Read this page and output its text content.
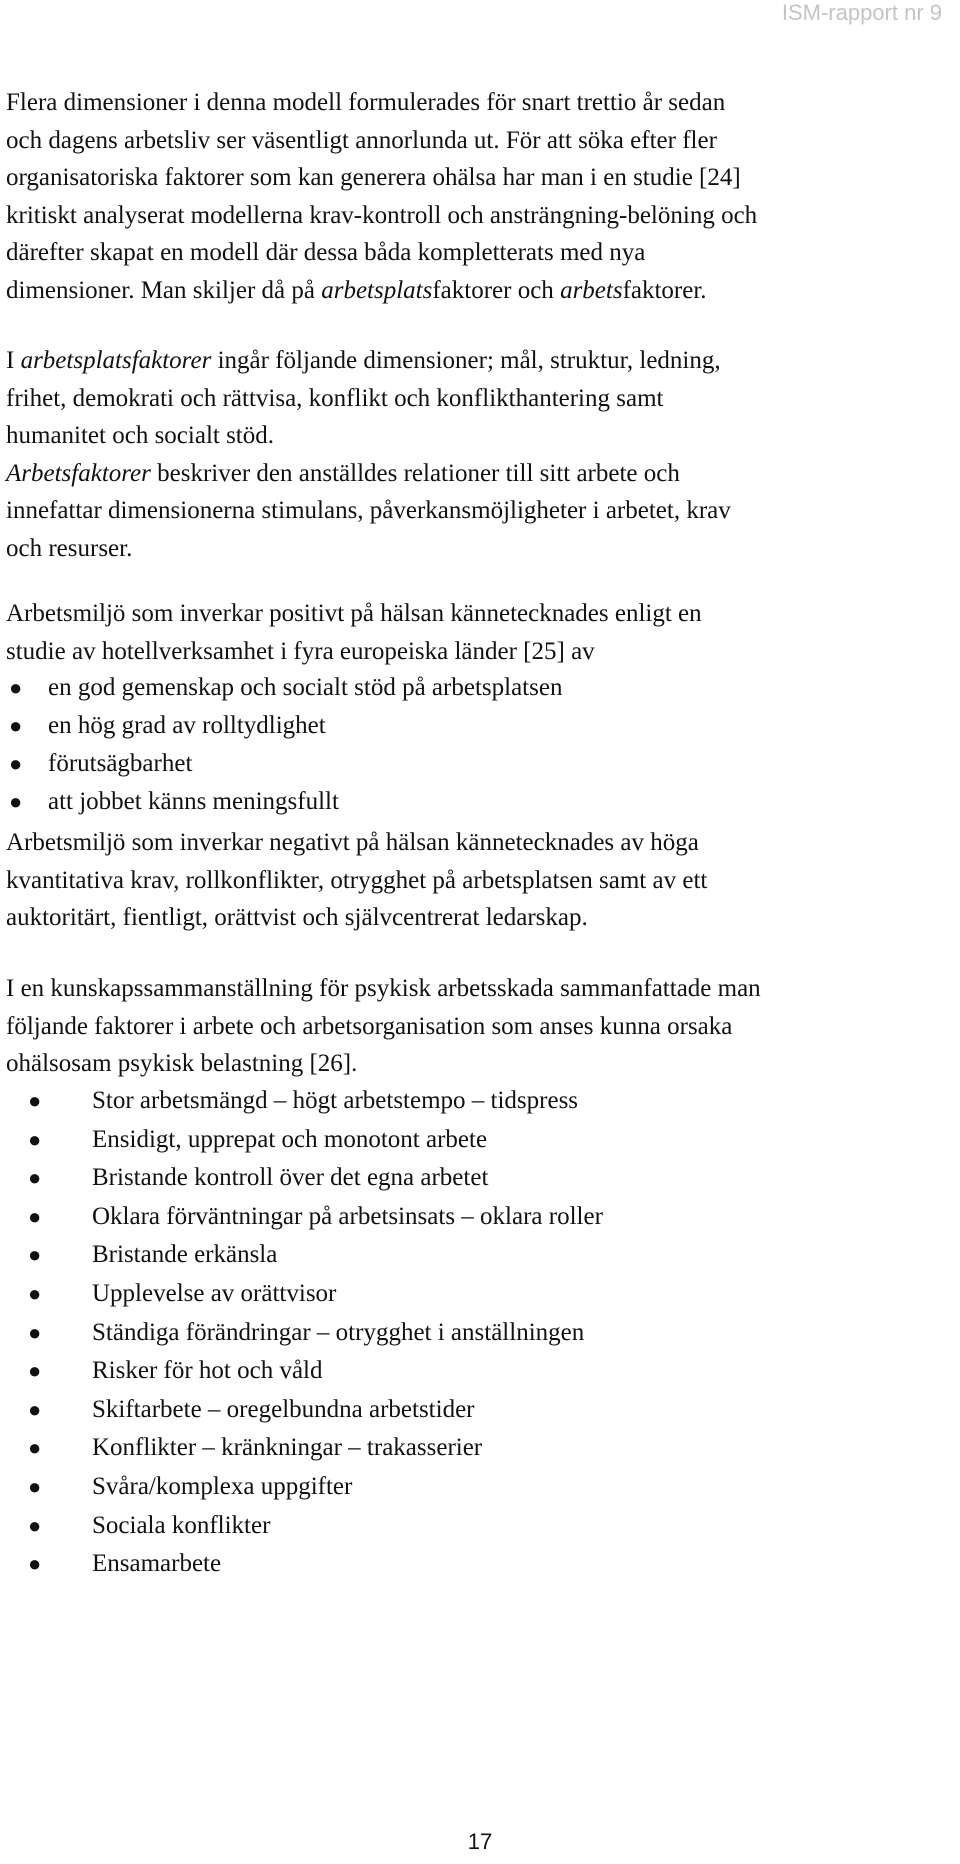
ISM-rapport nr 9

Flera dimensioner i denna modell formulerades för snart trettio år sedan

och dagens arbetsliv ser väsentligt annorlunda ut. För att söka efter fler

organisatoriska faktorer som kan generera ohälsa har man i en studie [24]

kritiskt analyserat modellerna krav-kontroll och ansträngning-belöning och

därefter skapat en modell där dessa båda kompletterats med nya

dimensioner. Man skiljer då på arbetsplatsfaktorer och arbetsfaktorer.

I arbetsplatsfaktorer ingår följande dimensioner; mål, struktur, ledning,

frihet, demokrati och rättvisa, konflikt och konflikthantering samt

humanitet och socialt stöd.

Arbetsfaktorer beskriver den anställdes relationer till sitt arbete och

innefattar dimensionerna stimulans, påverkansmöjligheter i arbetet, krav

och resurser.

Arbetsmiljö som inverkar positivt på hälsan kännetecknades enligt en

studie av hotellverksamhet i fyra europeiska länder [25] av

● en god gemenskap och socialt stöd på arbetsplatsen
● en hög grad av rolltydlighet
● förutsägbarhet
● att jobbet känns meningsfullt

Arbetsmiljö som inverkar negativt på hälsan kännetecknades av höga

kvantitativa krav, rollkonflikter, otrygghet på arbetsplatsen samt av ett

auktoritärt, fientligt, orättvist och självcentrerat ledarskap.

I en kunskapssammanställning för psykisk arbetsskada sammanfattade man

följande faktorer i arbete och arbetsorganisation som anses kunna orsaka

ohälsosam psykisk belastning [26].

● Stor arbetsmängd – högt arbetstempo – tidspress
● Ensidigt, upprepat och monotont arbete
● Bristande kontroll över det egna arbetet
● Oklara förväntningar på arbetsinsats – oklara roller
● Bristande erkänsla
● Upplevelse av orättvisor
● Ständiga förändringar – otrygghet i anställningen
● Risker för hot och våld
● Skiftarbete – oregelbundna arbetstider
● Konflikter – kränkningar – trakasserier
● Svåra/komplexa uppgifter
● Sociala konflikter
● Ensamarbete
17
